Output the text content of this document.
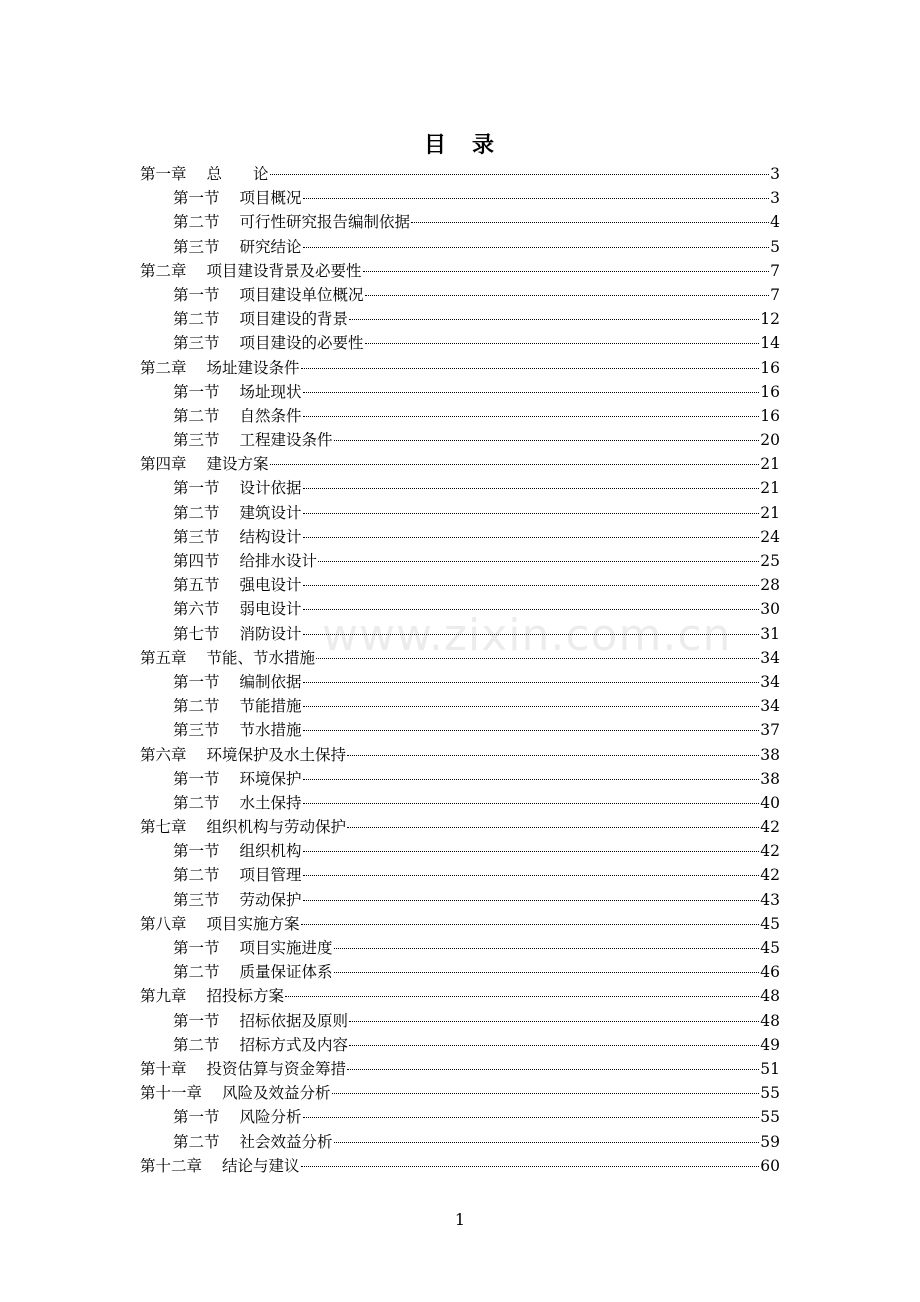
目　录
第一章 总　　论	3
第一节 项目概况	3
第二节 可行性研究报告编制依据	4
第三节 研究结论	5
第二章 项目建设背景及必要性	7
第一节 项目建设单位概况	7
第二节 项目建设的背景	12
第三节 项目建设的必要性	14
第二章 场址建设条件	16
第一节 场址现状	16
第二节 自然条件	16
第三节 工程建设条件	20
第四章 建设方案	21
第一节 设计依据	21
第二节 建筑设计	21
第三节 结构设计	24
第四节 给排水设计	25
第五节 强电设计	28
第六节 弱电设计	30
第七节 消防设计	31
第五章 节能、节水措施	34
第一节 编制依据	34
第二节 节能措施	34
第三节 节水措施	37
第六章 环境保护及水土保持	38
第一节 环境保护	38
第二节 水土保持	40
第七章 组织机构与劳动保护	42
第一节 组织机构	42
第二节 项目管理	42
第三节 劳动保护	43
第八章 项目实施方案	45
第一节 项目实施进度	45
第二节 质量保证体系	46
第九章 招投标方案	48
第一节 招标依据及原则	48
第二节 招标方式及内容	49
第十章 投资估算与资金筹措	51
第十一章 风险及效益分析	55
第一节 风险分析	55
第二节 社会效益分析	59
第十二章 结论与建议	60
www.zixin.com.cn
1
